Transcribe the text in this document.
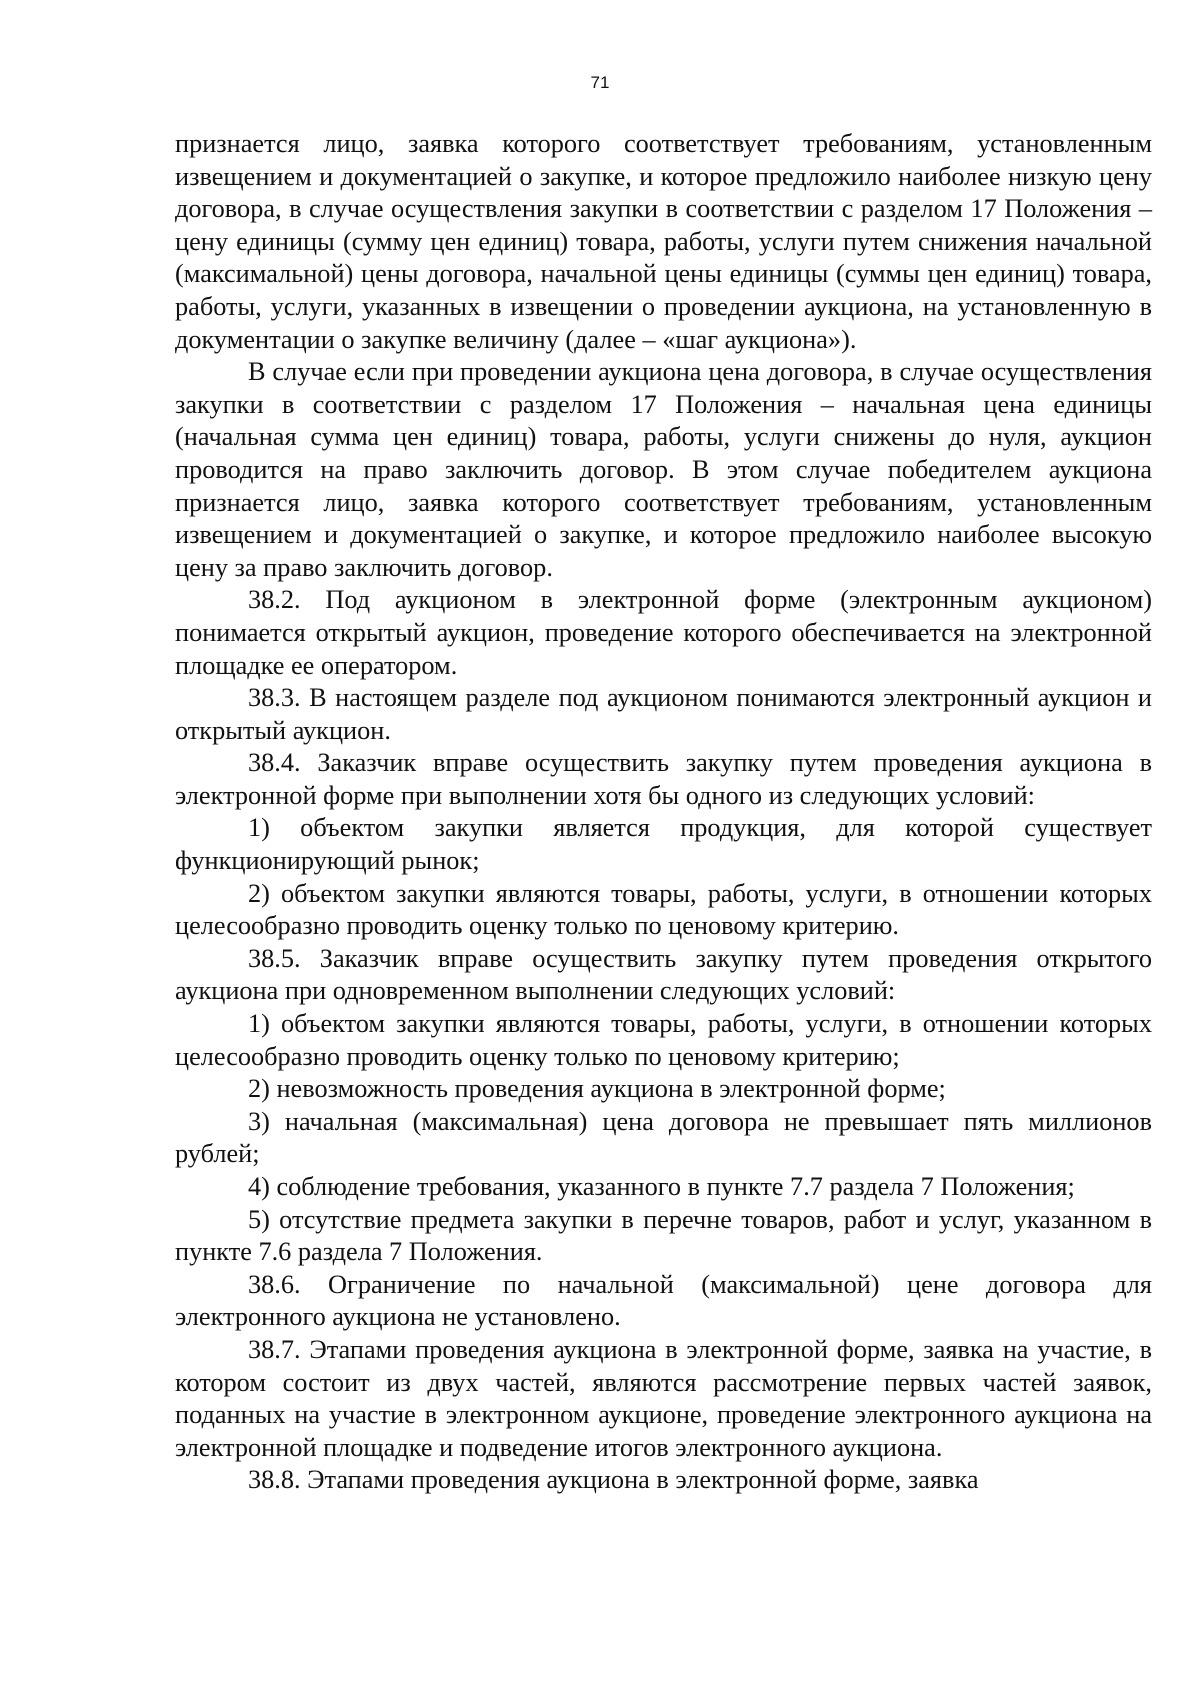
71

признается лицо, заявка которого соответствует требованиям, установленным извещением и документацией о закупке, и которое предложило наиболее низкую цену договора, в случае осуществления закупки в соответствии с разделом 17 Положения – цену единицы (сумму цен единиц) товара, работы, услуги путем снижения начальной (максимальной) цены договора, начальной цены единицы (суммы цен единиц) товара, работы, услуги, указанных в извещении о проведении аукциона, на установленную в документации о закупке величину (далее – «шаг аукциона»).

В случае если при проведении аукциона цена договора, в случае осуществления закупки в соответствии с разделом 17 Положения – начальная цена единицы (начальная сумма цен единиц) товара, работы, услуги снижены до нуля, аукцион проводится на право заключить договор. В этом случае победителем аукциона признается лицо, заявка которого соответствует требованиям, установленным извещением и документацией о закупке, и которое предложило наиболее высокую цену за право заключить договор.

38.2. Под аукционом в электронной форме (электронным аукционом) понимается открытый аукцион, проведение которого обеспечивается на электронной площадке ее оператором.

38.3. В настоящем разделе под аукционом понимаются электронный аукцион и открытый аукцион.

38.4. Заказчик вправе осуществить закупку путем проведения аукциона в электронной форме при выполнении хотя бы одного из следующих условий:

1) объектом закупки является продукция, для которой существует функционирующий рынок;

2) объектом закупки являются товары, работы, услуги, в отношении которых целесообразно проводить оценку только по ценовому критерию.

38.5. Заказчик вправе осуществить закупку путем проведения открытого аукциона при одновременном выполнении следующих условий:

1) объектом закупки являются товары, работы, услуги, в отношении которых целесообразно проводить оценку только по ценовому критерию;

2) невозможность проведения аукциона в электронной форме;

3) начальная (максимальная) цена договора не превышает пять миллионов рублей;

4) соблюдение требования, указанного в пункте 7.7 раздела 7 Положения;

5) отсутствие предмета закупки в перечне товаров, работ и услуг, указанном в пункте 7.6 раздела 7 Положения.

38.6. Ограничение по начальной (максимальной) цене договора для электронного аукциона не установлено.

38.7. Этапами проведения аукциона в электронной форме, заявка на участие, в котором состоит из двух частей, являются рассмотрение первых частей заявок, поданных на участие в электронном аукционе, проведение электронного аукциона на электронной площадке и подведение итогов электронного аукциона.

38.8. Этапами проведения аукциона в электронной форме, заявка
